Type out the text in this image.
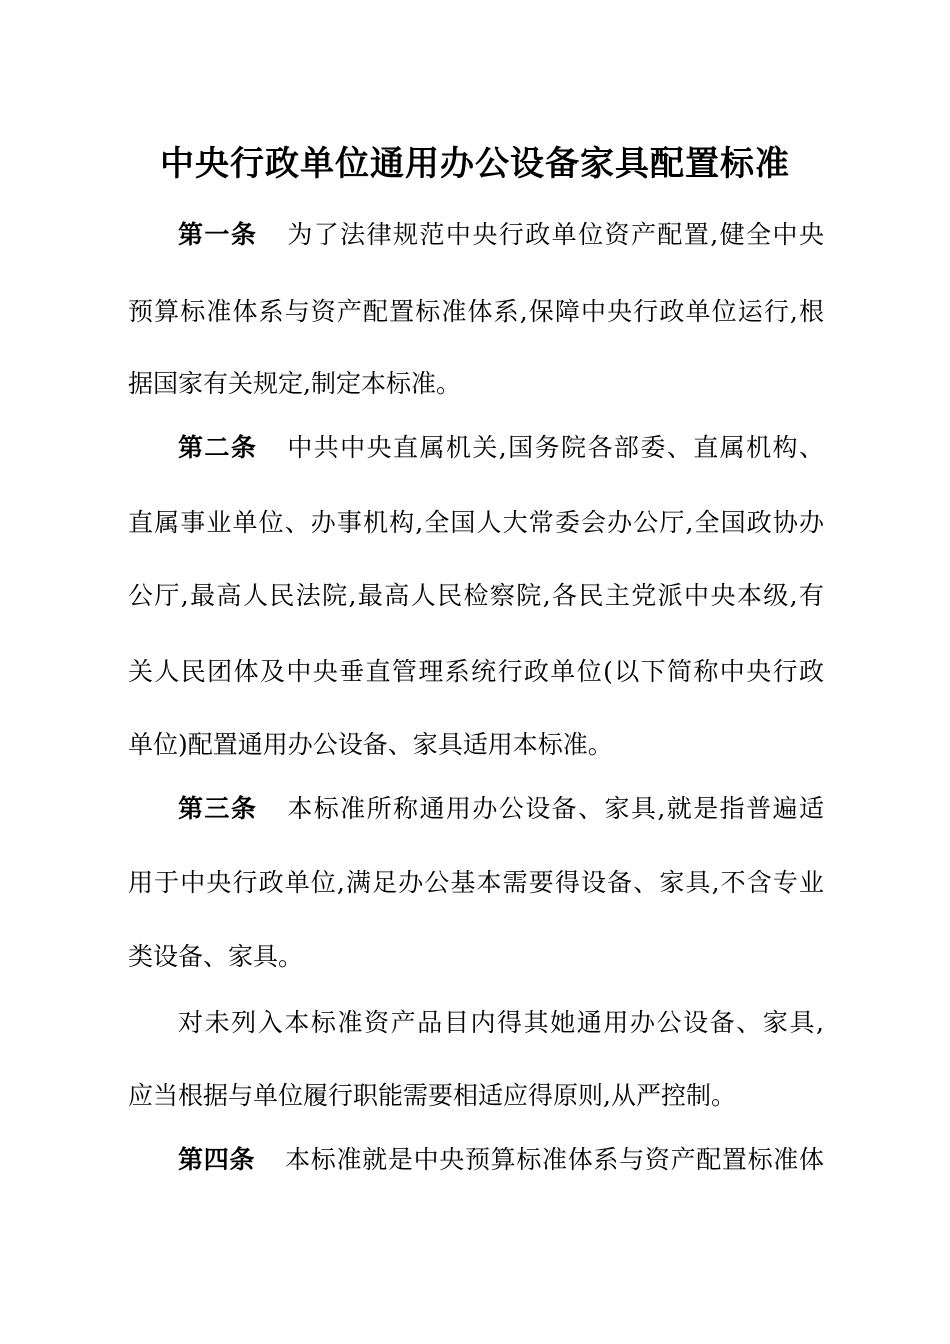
中央行政单位通用办公设备家具配置标准
第一条 为了法律规范中央行政单位资产配置,健全中央
预算标准体系与资产配置标准体系,保障中央行政单位运行,根
据国家有关规定,制定本标准。
第二条 中共中央直属机关,国务院各部委、直属机构、
直属事业单位、办事机构,全国人大常委会办公厅,全国政协办
公厅,最高人民法院,最高人民检察院,各民主党派中央本级,有
关人民团体及中央垂直管理系统行政单位(以下简称中央行政
单位)配置通用办公设备、家具适用本标准。
第三条 本标准所称通用办公设备、家具,就是指普遍适
用于中央行政单位,满足办公基本需要得设备、家具,不含专业
类设备、家具。
对未列入本标准资产品目内得其她通用办公设备、家具,
应当根据与单位履行职能需要相适应得原则,从严控制。
第四条 本标准就是中央预算标准体系与资产配置标准体
